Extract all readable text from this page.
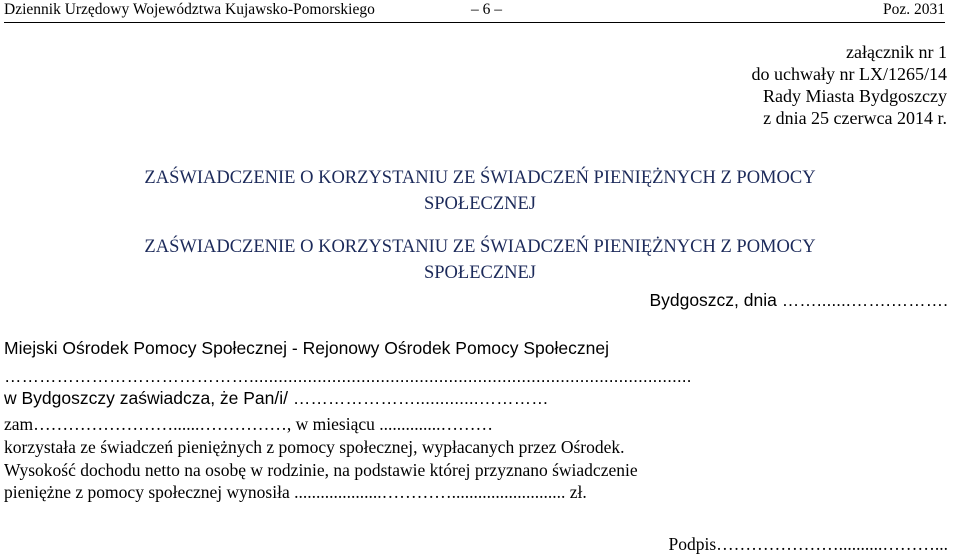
Dziennik Urzędowy Województwa Kujawsko-Pomorskiego	– 6 –	Poz. 2031
załącznik nr 1
do uchwały nr LX/1265/14
Rady Miasta Bydgoszczy
z dnia 25 czerwca 2014 r.
ZAŚWIADCZENIE O KORZYSTANIU ZE ŚWIADCZEŃ PIENIĘŻNYCH Z POMOCY
SPOŁECZNEJ
ZAŚWIADCZENIE O KORZYSTANIU ZE ŚWIADCZEŃ PIENIĘŻNYCH Z POMOCY
SPOŁECZNEJ
Bydgoszcz, dnia …….......…….……….
Miejski Ośrodek Pomocy Społecznej - Rejonowy Ośrodek Pomocy Społecznej
……………………………………...........................................................................................
w Bydgoszczy zaświadcza, że Pan/i/ ………………….............…………
zam……………………......……………, w miesiącu ..............………
korzystała ze świadczeń pieniężnych z pomocy społecznej, wypłacanych przez Ośrodek.
Wysokość dochodu netto na osobę w rodzinie, na podstawie której przyznano świadczenie
pieniężne z pomocy społecznej wynosiła ....................………….......................... zł.
Podpis…………………..........………...
